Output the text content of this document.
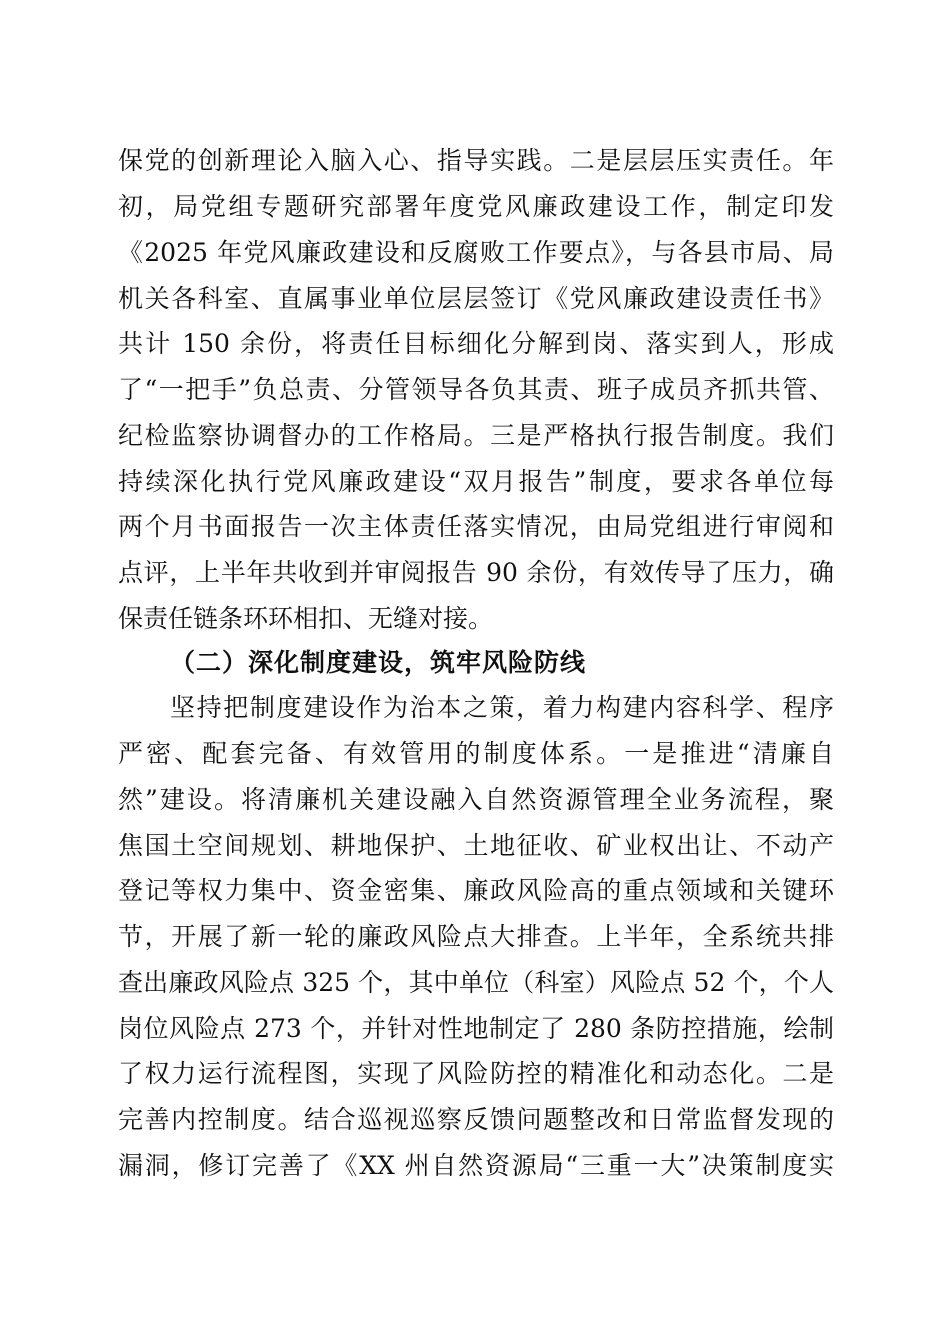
保党的创新理论入脑入心、指导实践。二是层层压实责任。年
初，局党组专题研究部署年度党风廉政建设工作，制定印发
《2025 年党风廉政建设和反腐败工作要点》，与各县市局、局
机关各科室、直属事业单位层层签订《党风廉政建设责任书》
共计 150 余份，将责任目标细化分解到岗、落实到人，形成
了“一把手”负总责、分管领导各负其责、班子成员齐抓共管、
纪检监察协调督办的工作格局。三是严格执行报告制度。我们
持续深化执行党风廉政建设“双月报告”制度，要求各单位每
两个月书面报告一次主体责任落实情况，由局党组进行审阅和
点评，上半年共收到并审阅报告 90 余份，有效传导了压力，确
保责任链条环环相扣、无缝对接。
（二）深化制度建设，筑牢风险防线
坚持把制度建设作为治本之策，着力构建内容科学、程序
严密、配套完备、有效管用的制度体系。一是推进“清廉自
然”建设。将清廉机关建设融入自然资源管理全业务流程，聚
焦国土空间规划、耕地保护、土地征收、矿业权出让、不动产
登记等权力集中、资金密集、廉政风险高的重点领域和关键环
节，开展了新一轮的廉政风险点大排查。上半年，全系统共排
查出廉政风险点 325 个，其中单位（科室）风险点 52 个，个人
岗位风险点 273 个，并针对性地制定了 280 条防控措施，绘制
了权力运行流程图，实现了风险防控的精准化和动态化。二是
完善内控制度。结合巡视巡察反馈问题整改和日常监督发现的
漏洞，修订完善了《XX 州自然资源局“三重一大”决策制度实
